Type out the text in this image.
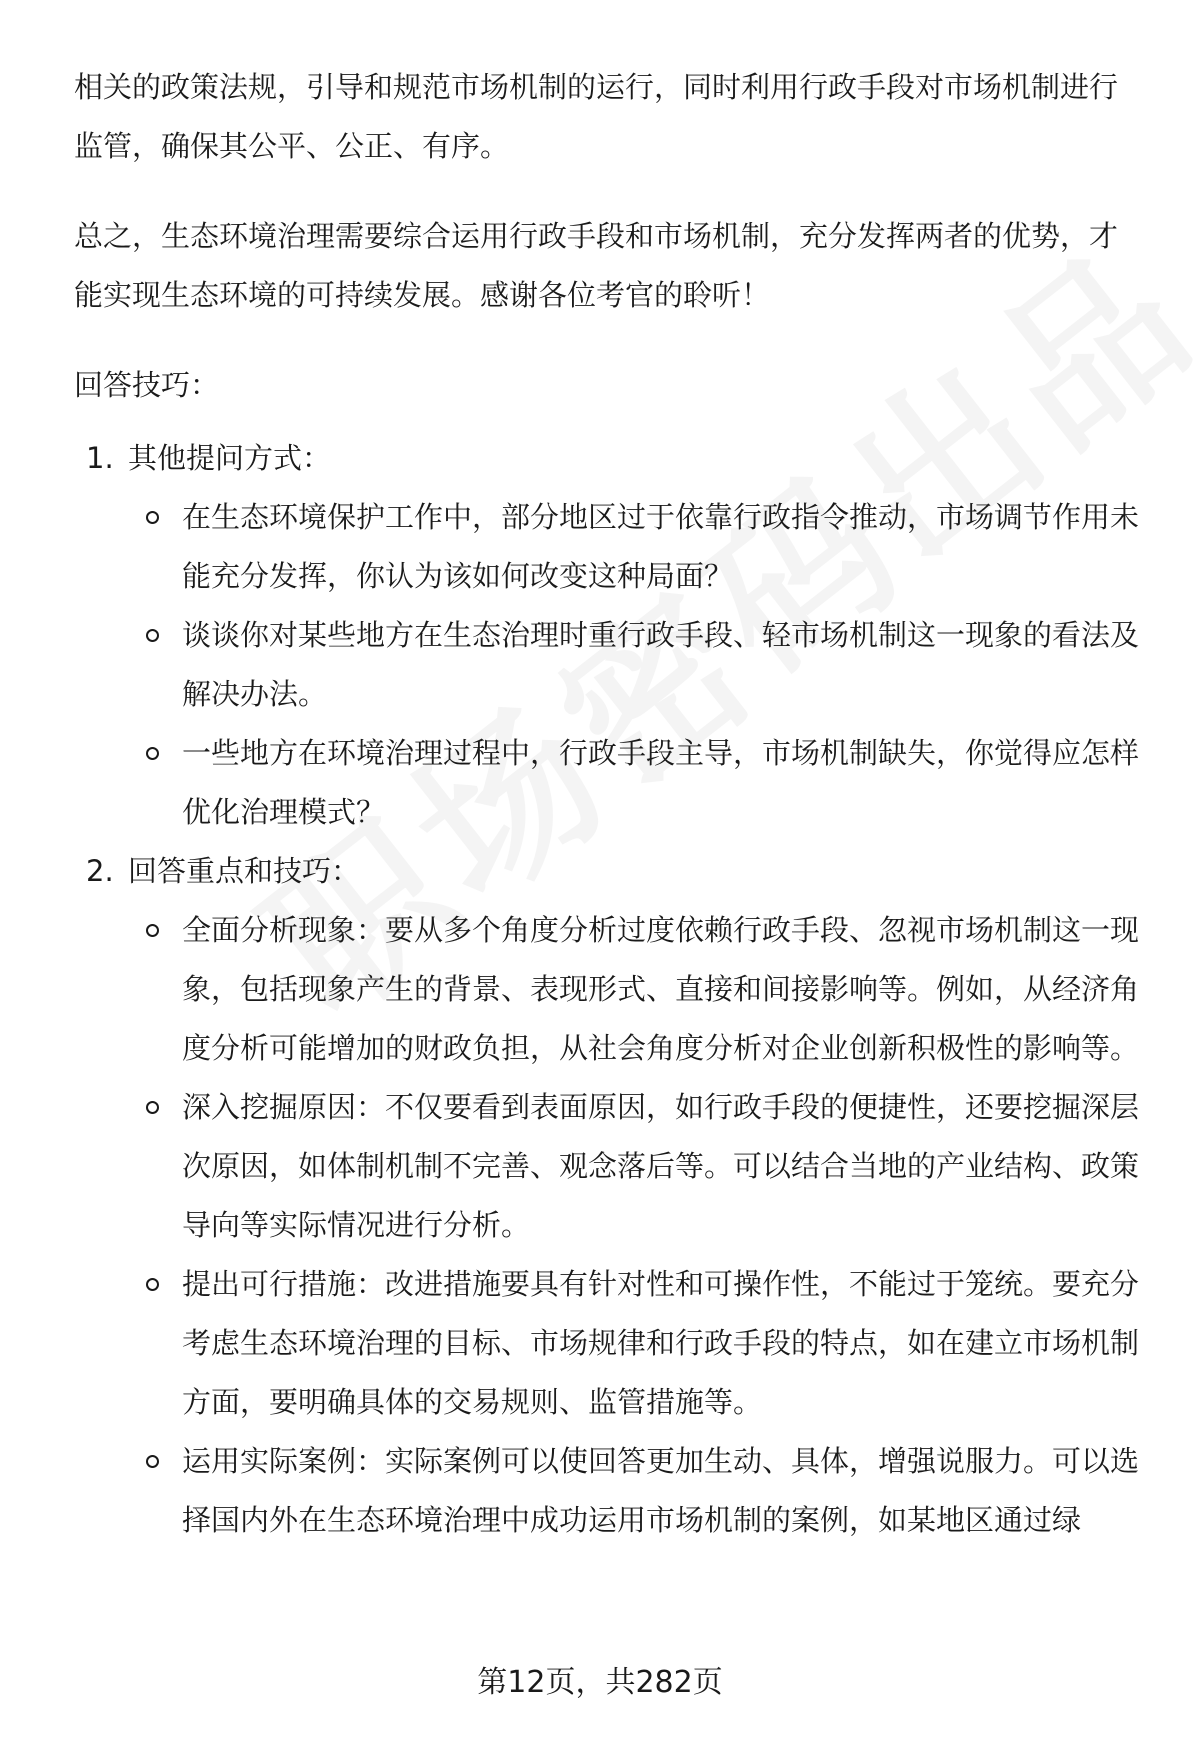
相关的政策法规，引导和规范市场机制的运行，同时利用行政手段对市场机制进行监管，确保其公平、公正、有序。

总之，生态环境治理需要综合运用行政手段和市场机制，充分发挥两者的优势，才能实现生态环境的可持续发展。感谢各位考官的聆听！

回答技巧：

1. 其他提问方式：
在生态环境保护工作中，部分地区过于依靠行政指令推动，市场调节作用未能充分发挥，你认为该如何改变这种局面？
谈谈你对某些地方在生态治理时重行政手段、轻市场机制这一现象的看法及解决办法。
一些地方在环境治理过程中，行政手段主导，市场机制缺失，你觉得应怎样优化治理模式？
2. 回答重点和技巧：
全面分析现象：要从多个角度分析过度依赖行政手段、忽视市场机制这一现象，包括现象产生的背景、表现形式、直接和间接影响等。例如，从经济角度分析可能增加的财政负担，从社会角度分析对企业创新积极性的影响等。
深入挖掘原因：不仅要看到表面原因，如行政手段的便捷性，还要挖掘深层次原因，如体制机制不完善、观念落后等。可以结合当地的产业结构、政策导向等实际情况进行分析。
提出可行措施：改进措施要具有针对性和可操作性，不能过于笼统。要充分考虑生态环境治理的目标、市场规律和行政手段的特点，如在建立市场机制方面，要明确具体的交易规则、监管措施等。
运用实际案例：实际案例可以使回答更加生动、具体，增强说服力。可以选择国内外在生态环境治理中成功运用市场机制的案例，如某地区通过绿
第12页，共282页
